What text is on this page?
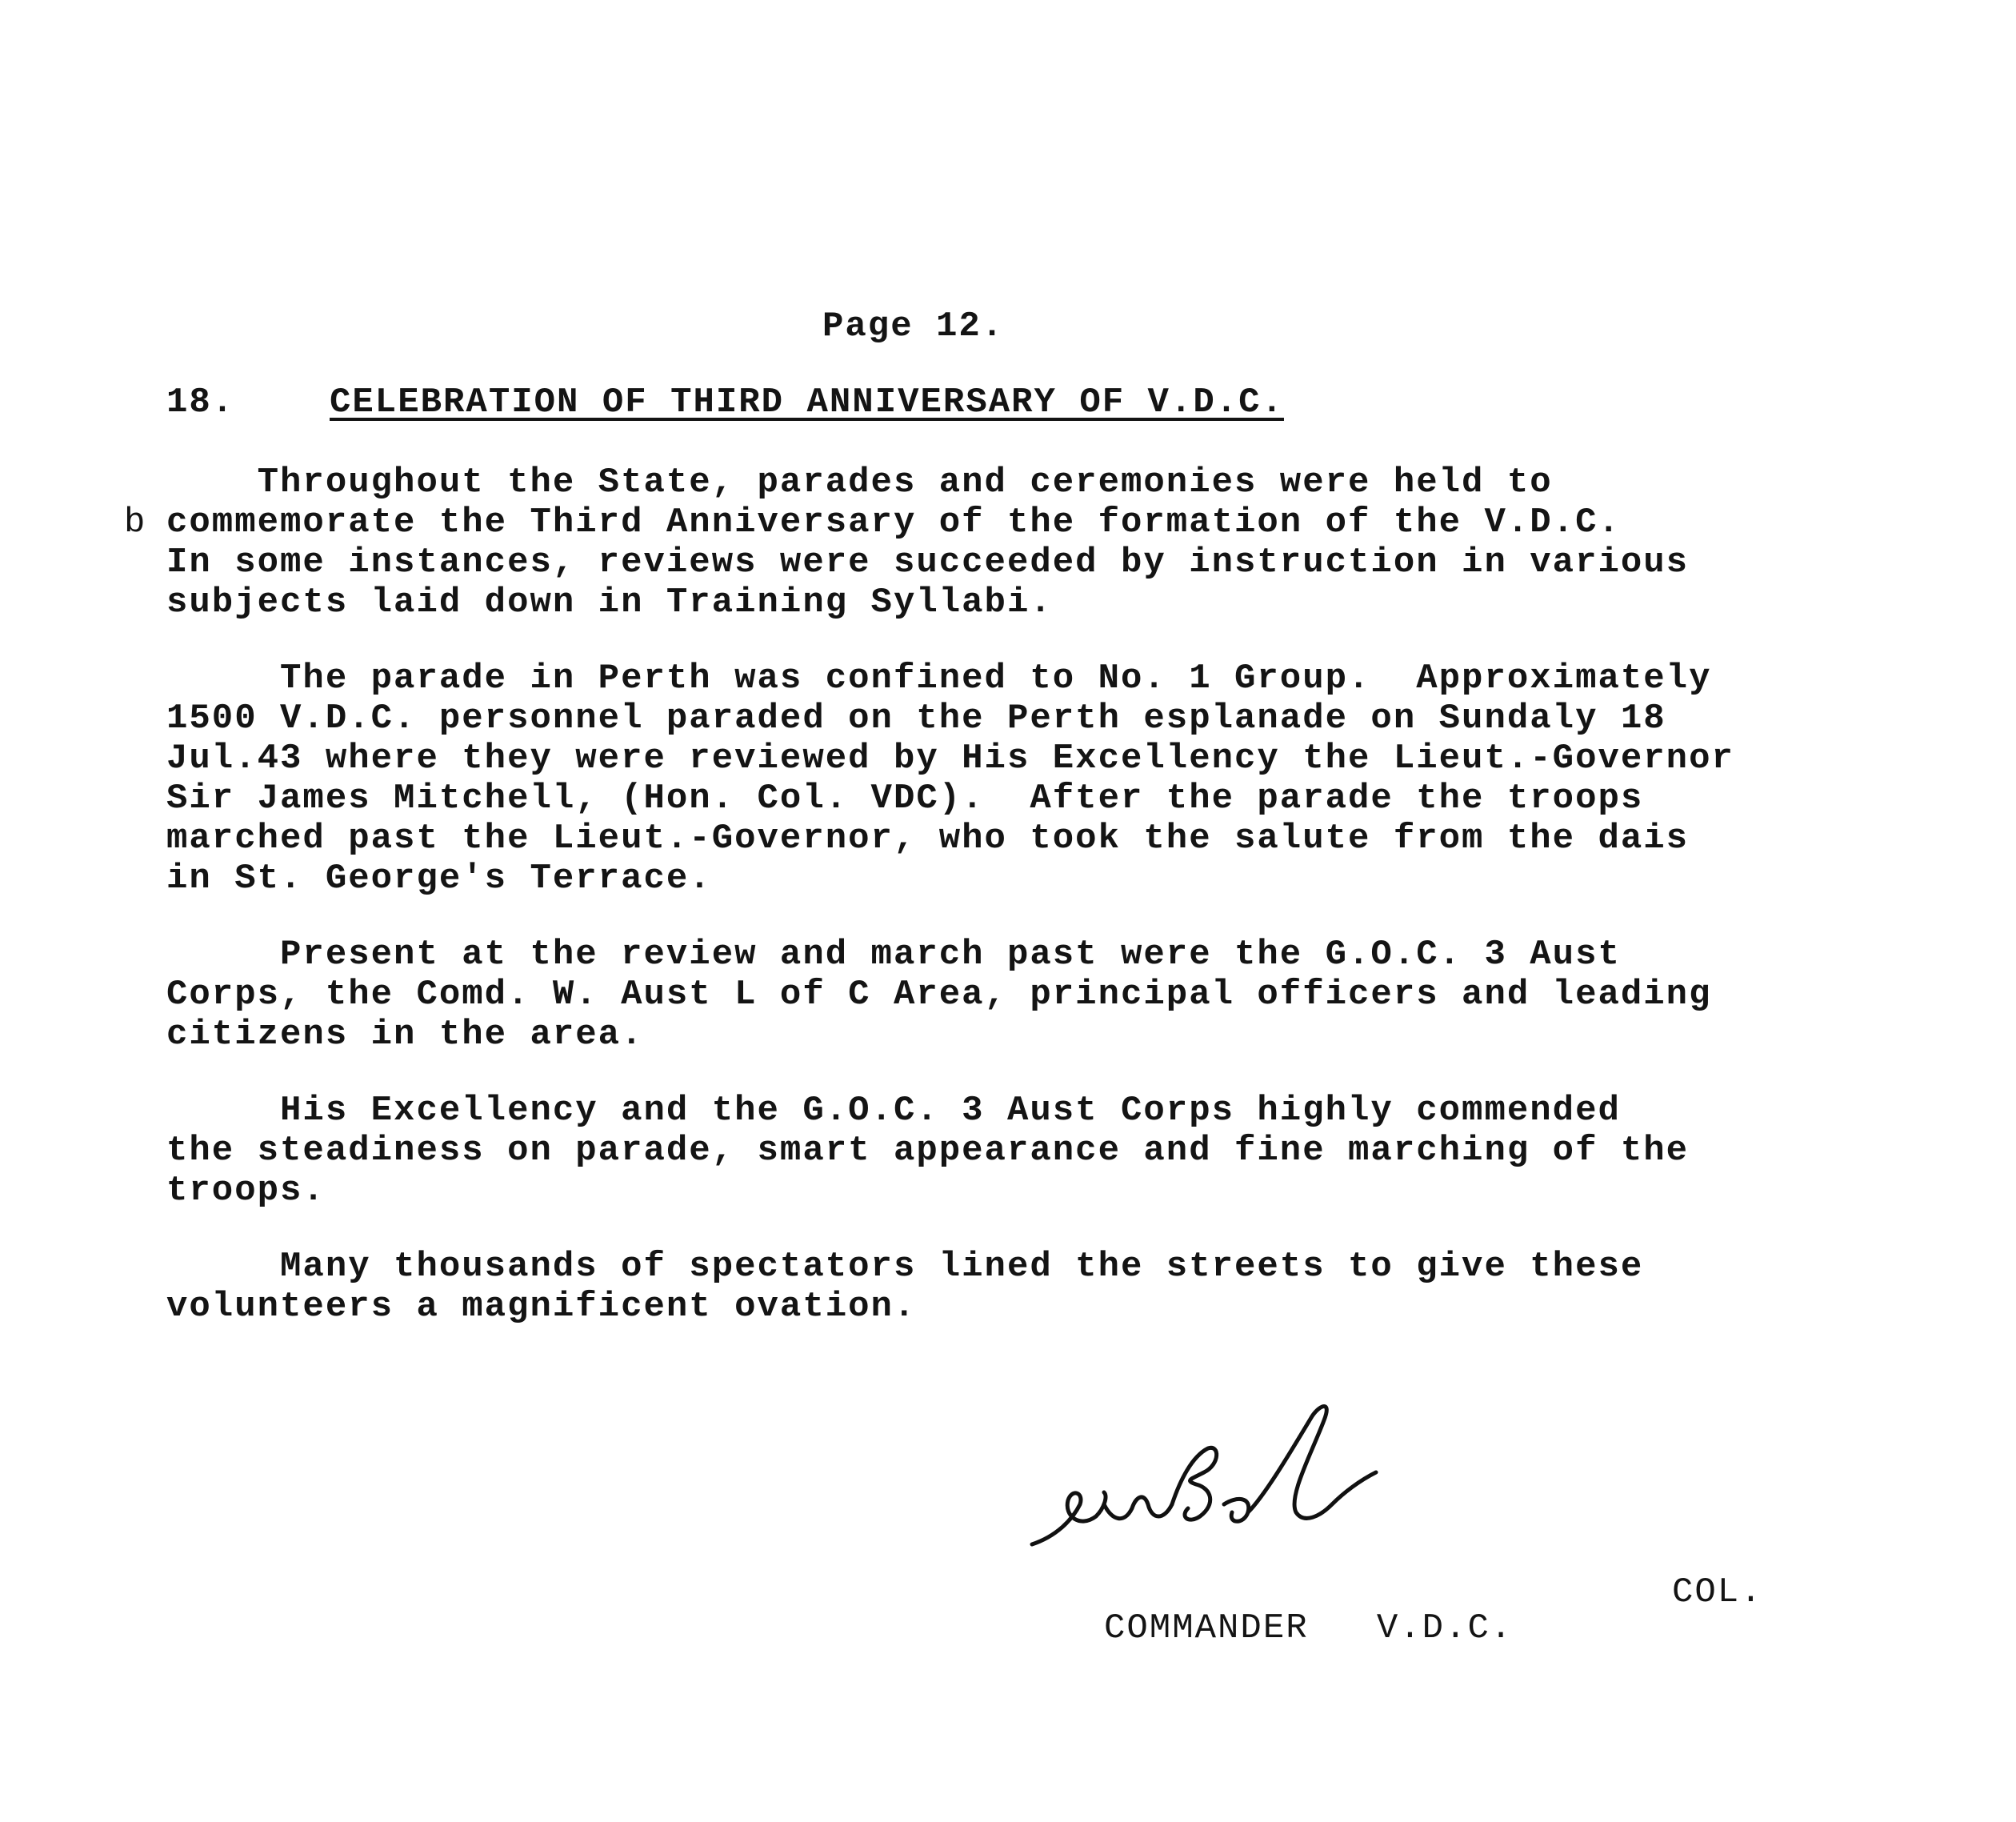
Page 12.
18.	CELEBRATION OF THIRD ANNIVERSARY OF V.D.C.
b
Throughout the State, parades and ceremonies were held to
commemorate the Third Anniversary of the formation of the V.D.C.
In some instances, reviews were succeeded by instruction in various
subjects laid down in Training Syllabi.
The parade in Perth was confined to No. 1 Group.  Approximately
1500 V.D.C. personnel paraded on the Perth esplanade on Sundaly 18
Jul.43 where they were reviewed by His Excellency the Lieut.-Governor
Sir James Mitchell, (Hon. Col. VDC).  After the parade the troops
marched past the Lieut.-Governor, who took the salute from the dais
in St. George's Terrace.
Present at the review and march past were the G.O.C. 3 Aust
Corps, the Comd. W. Aust L of C Area, principal officers and leading
citizens in the area.
His Excellency and the G.O.C. 3 Aust Corps highly commended
the steadiness on parade, smart appearance and fine marching of the
troops.
Many thousands of spectators lined the streets to give these
volunteers a magnificent ovation.
COL.
COMMANDER   V.D.C.
